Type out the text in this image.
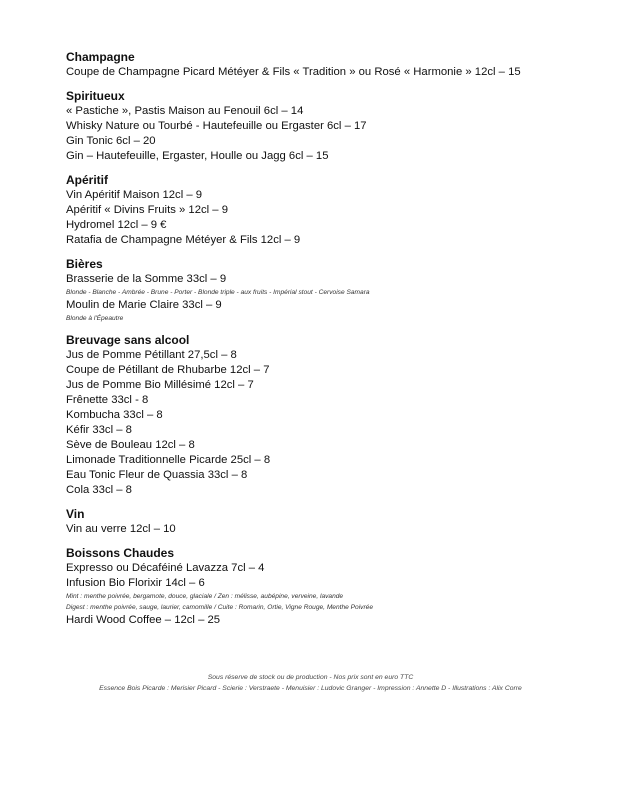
Champagne
Coupe de Champagne Picard Météyer & Fils « Tradition » ou Rosé « Harmonie » 12cl – 15
Spiritueux
« Pastiche », Pastis Maison au Fenouil 6cl – 14
Whisky Nature ou Tourbé - Hautefeuille ou Ergaster 6cl – 17
Gin Tonic 6cl – 20
Gin – Hautefeuille, Ergaster, Houlle ou Jagg 6cl – 15
Apéritif
Vin Apéritif Maison 12cl – 9
Apéritif « Divins Fruits » 12cl – 9
Hydromel 12cl – 9 €
Ratafia de Champagne Météyer & Fils 12cl – 9
Bières
Brasserie de la Somme 33cl – 9
Blonde - Blanche - Ambrée - Brune - Porter - Blonde triple - aux fruits - Impérial stout - Cervoise Samara
Moulin de Marie Claire 33cl – 9
Blonde à l'Épeautre
Breuvage sans alcool
Jus de Pomme Pétillant 27,5cl – 8
Coupe de Pétillant de Rhubarbe 12cl – 7
Jus de Pomme Bio Millésimé 12cl – 7
Frênette 33cl - 8
Kombucha 33cl – 8
Kéfir 33cl – 8
Sève de Bouleau 12cl – 8
Limonade Traditionnelle Picarde 25cl – 8
Eau Tonic Fleur de Quassia 33cl – 8
Cola 33cl – 8
Vin
Vin au verre 12cl – 10
Boissons Chaudes
Expresso ou Décaféiné Lavazza 7cl – 4
Infusion Bio Florixir 14cl – 6
Mint : menthe poivrée, bergamote, douce, glaciale / Zen : mélisse, aubépine, verveine, lavande
Digest : menthe poivrée, sauge, laurier, camomille / Cuite : Romarin, Ortie, Vigne Rouge, Menthe Poivrée
Hardi Wood Coffee – 12cl – 25
Sous réserve de stock ou de production - Nos prix sont en euro TTC
Essence Bois Picarde : Merisier Picard - Scierie : Verstraete - Menuisier : Ludovic Granger - Impression : Annette D - Illustrations : Alix Corre
